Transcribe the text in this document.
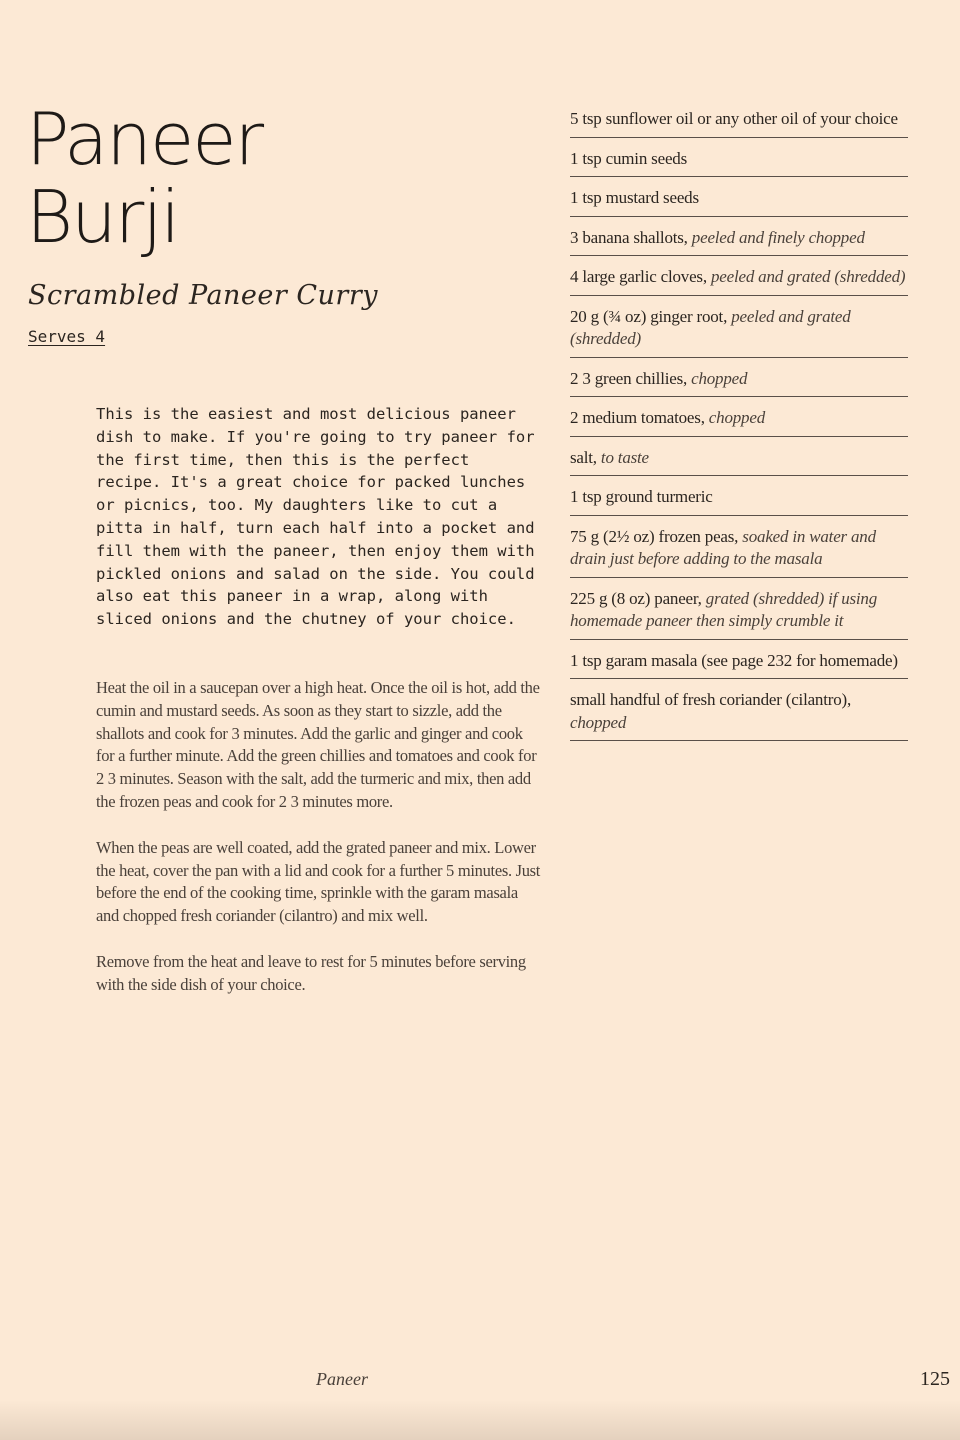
Paneer
Burji
Scrambled Paneer Curry
Serves 4

This is the easiest and most delicious paneer dish to make. If you're going to try paneer for the first time, then this is the perfect recipe. It's a great choice for packed lunches or picnics, too. My daughters like to cut a pitta in half, turn each half into a pocket and fill them with the paneer, then enjoy them with pickled onions and salad on the side. You could also eat this paneer in a wrap, along with sliced onions and the chutney of your choice.

Heat the oil in a saucepan over a high heat. Once the oil is hot, add the cumin and mustard seeds. As soon as they start to sizzle, add the shallots and cook for 3 minutes. Add the garlic and ginger and cook for a further minute. Add the green chillies and tomatoes and cook for 2 3 minutes. Season with the salt, add the turmeric and mix, then add the frozen peas and cook for 2 3 minutes more.

When the peas are well coated, add the grated paneer and mix. Lower the heat, cover the pan with a lid and cook for a further 5 minutes. Just before the end of the cooking time, sprinkle with the garam masala and chopped fresh coriander (cilantro) and mix well.

Remove from the heat and leave to rest for 5 minutes before serving with the side dish of your choice.

5 tsp sunflower oil or any other oil of your choice
1 tsp cumin seeds
1 tsp mustard seeds
3 banana shallots, peeled and finely chopped
4 large garlic cloves, peeled and grated (shredded)
20 g (¾ oz) ginger root, peeled and grated (shredded)
2 3 green chillies, chopped
2 medium tomatoes, chopped
salt, to taste
1 tsp ground turmeric
75 g (2½ oz) frozen peas, soaked in water and drain just before adding to the masala
225 g (8 oz) paneer, grated (shredded) if using homemade paneer then simply crumble it
1 tsp garam masala (see page 232 for homemade)
small handful of fresh coriander (cilantro), chopped
Paneer	125
